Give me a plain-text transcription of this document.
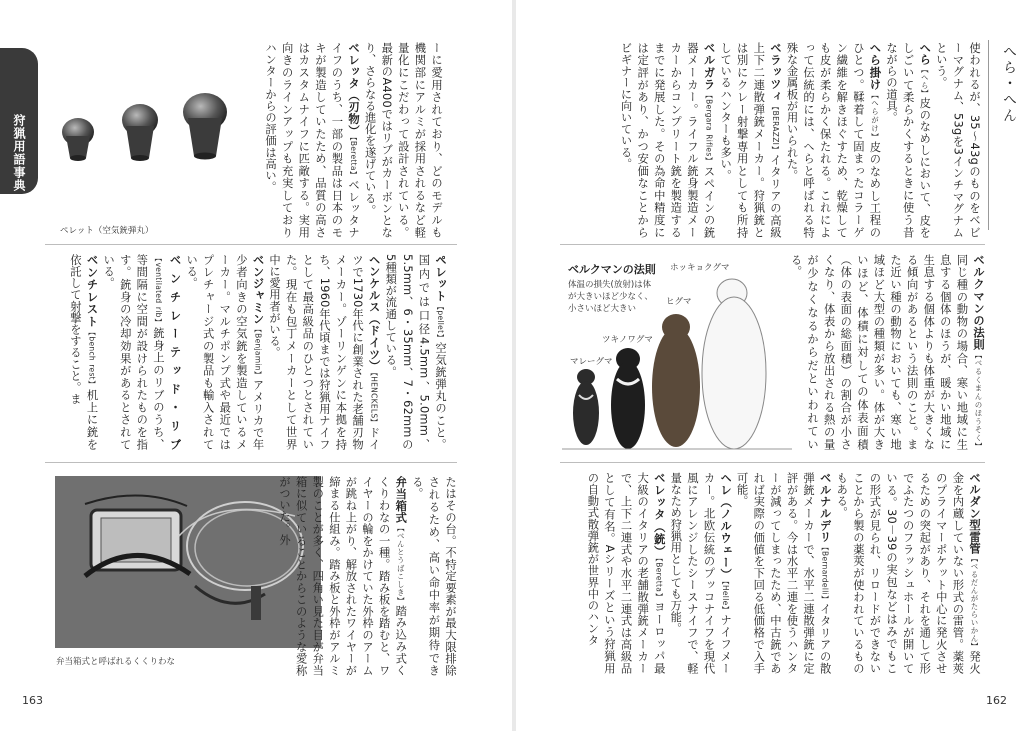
狩猟用語事典
ペレット（空気銃弾丸）	ーに愛用されており、どのモデルも機関部にアルミが採用されるなど軽量化にこだわって設計されている。最新のA400ではリブがカーボンとなり、さらなる進化を遂げている。

ベレッタ（刃物）【Beretta】ベレッタナイフのうち、一部の製品は日本のモキが製造していたため、品質の高さはカスタムナイフに匹敵する。実用向きのラインアップも充実しておりハンターからの評価は高い。

ペレット【pellet】空気銃弾丸のこと。国内では口径4.5mm、5.0mm、5.5mm、6・35mm、7・62mmの5種類が流通している。

ヘンケルス（ドイツ）【HENCKELS】ドイツで1730年代に創業された老舗刃物メーカー。ゾーリンゲンに本拠を持ち、1960年代頃までは狩猟用ナイフとして最高級品のひとつとされていた。現在も包丁メーカーとして世界中に愛用者がいる。

ベンジャミン【Benjamin】アメリカで年少者向きの空気銃を製造しているメーカー。マルチポンプ式や最近ではプレチャージ式の製品も輸入されている。

ベンチレーテッド・リブ【ventilated rib】銃身上のリブのうち、等間隔に空間が設けられたものを指す。銃身の冷却効果があるとされている。

ベンチレスト【bench rest】机上に銃を依託して射撃をすること。ま

弁当箱式と呼ばれるくくりわな	たはその台。不特定要素が最大限排除されるため、高い命中率が期待できる。

弁当箱式【べんとうばこしき】踏み込み式くくりわなの一種。踏み板を踏むと、ワイヤーの輪をかけていた外枠のアームが跳ね上がり、解放されたワイヤーが締まる仕組み。踏み板と外枠がアルミ製のことが多く、四角い見た目が弁当箱に似ていることからこのような愛称がついた。外

163
へら・へん

使われるが、35～43gのものをベビーマグナム、53gを3インチマグナムという。

へら【へら】皮のなめしにおいて、皮をしごいて柔らかくするときに使う昔ながらの道具。

へら掛け【へらがけ】皮のなめし工程のひとつ。鞣着して固まったコラーゲン繊維を解きほぐすため、乾燥しても皮が柔らかく保たれる。これによって伝統的には、へらと呼ばれる特殊な金属板が用いられた。

ベラッツィ【BERAZZI】イタリアの高級上下二連散弾銃メーカー。狩猟銃とは別にクレー射撃専用としても所持しているハンターも多い。

ベルガラ【Bergara Rifles】スペインの銃器メーカー。ライフル銃身製造メーカーからコンプリート銃を製造するまでに発展した。その為命中精度には定評があり、かつ安価なことからビギナーに向いている。

ベルクマンの法則
体温の損失(放射)は体
が大きいほど少なく、
小さいほど大きい
ホッキョクグマ
ヒグマ
ツキノワグマ
マレーグマ

ベルクマンの法則【べるくまんのほうそく】同じ種の動物の場合、寒い地域に生息する個体のほうが、暖かい地域に生息する個体よりも体重が大きくなる傾向があるという法則のこと。また近い種の動物においても、寒い地域ほど大型の種類が多い。体が大きいほど、体積に対しての体表面積（体の表面の総面積）の割合が小さくなり、体表から放出される熱の量が少なくなるからだといわれている。

ベルダン型雷管【べるだんがたらいかん】発火金を内蔵していない形式の雷管。薬莢のプライマーポケット中心に発火させるための突起があり、それを通して形でふたつのフラッシュホールが開いている。30－39の実包などはみでもこの形式が見られ、リロードができないことから製の薬莢が使われているものもある。

ベルナルデリ【Bernardelli】イタリアの散弾銃メーカーで、水平二連散弾銃に定評がある。今は水平二連を使うハンターが減ってしまったため、中古銃であれば実際の価値を下回る低価格で入手可能。

ヘレ（ノルウェー）【Helle】ナイフメーカー。北欧伝統のプッコナイフを現代風にアレンジしたシースナイフで、軽量なため狩猟用としても万能。

ベレッタ（銃）【Beretta】ヨーロッパ最大級のイタリアの老舗散弾銃メーカーで、上下二連式や水平二連式は高級品として有名。Aシリーズという狩猟用の自動式散弾銃が世界中のハンタ

162
